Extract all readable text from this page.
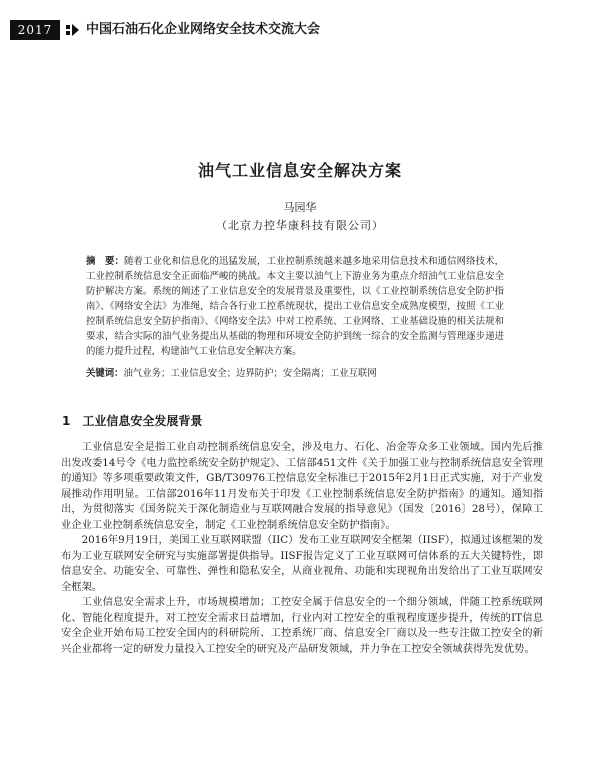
2017	中国石油石化企业网络安全技术交流大会
油气工业信息安全解决方案
马园华
（北京力控华康科技有限公司）

摘　要：随着工业化和信息化的迅猛发展，工业控制系统越来越多地采用信息技术和通信网络技术，工业控制系统信息安全正面临严峻的挑战。本文主要以油气上下游业务为重点介绍油气工业信息安全防护解决方案。系统的阐述了工业信息安全的发展背景及重要性，以《工业控制系统信息安全防护指南》、《网络安全法》为准绳，结合各行业工控系统现状，提出工业信息安全成熟度模型，按照《工业控制系统信息安全防护指南》、《网络安全法》中对工控系统、工业网络、工业基础设施的相关法规和要求，结合实际的油气业务提出从基础的物理和环境安全防护到统一综合的安全监测与管理逐步递进的能力提升过程，构建油气工业信息安全解决方案。

关键词：油气业务；工业信息安全；边界防护；安全隔离；工业互联网

1 工业信息安全发展背景

工业信息安全是指工业自动控制系统信息安全，涉及电力、石化、冶金等众多工业领域。国内先后推出发改委14号令《电力监控系统安全防护规定》、工信部451文件《关于加强工业与控制系统信息安全管理的通知》等多项重要政策文件，GB/T30976工控信息安全标准已于2015年2月1日正式实施，对于产业发展推动作用明显。工信部2016年11月发布关于印发《工业控制系统信息安全防护指南》的通知。通知指出，为贯彻落实《国务院关于深化制造业与互联网融合发展的指导意见》（国发〔2016〕28号），保障工业企业工业控制系统信息安全，制定《工业控制系统信息安全防护指南》。

2016年9月19日，美国工业互联网联盟（IIC）发布工业互联网安全框架（IISF），拟通过该框架的发布为工业互联网安全研究与实施部署提供指导。IISF报告定义了工业互联网可信体系的五大关键特性，即信息安全、功能安全、可靠性、弹性和隐私安全，从商业视角、功能和实现视角出发给出了工业互联网安全框架。

工业信息安全需求上升，市场规模增加；工控安全属于信息安全的一个细分领域，伴随工控系统联网化、智能化程度提升，对工控安全需求日益增加，行业内对工控安全的重视程度逐步提升，传统的IT信息安全企业开始布局工控安全国内的科研院所、工控系统厂商、信息安全厂商以及一些专注做工控安全的新兴企业都将一定的研发力量投入工控安全的研究及产品研发领域，并力争在工控安全领域获得先发优势。
